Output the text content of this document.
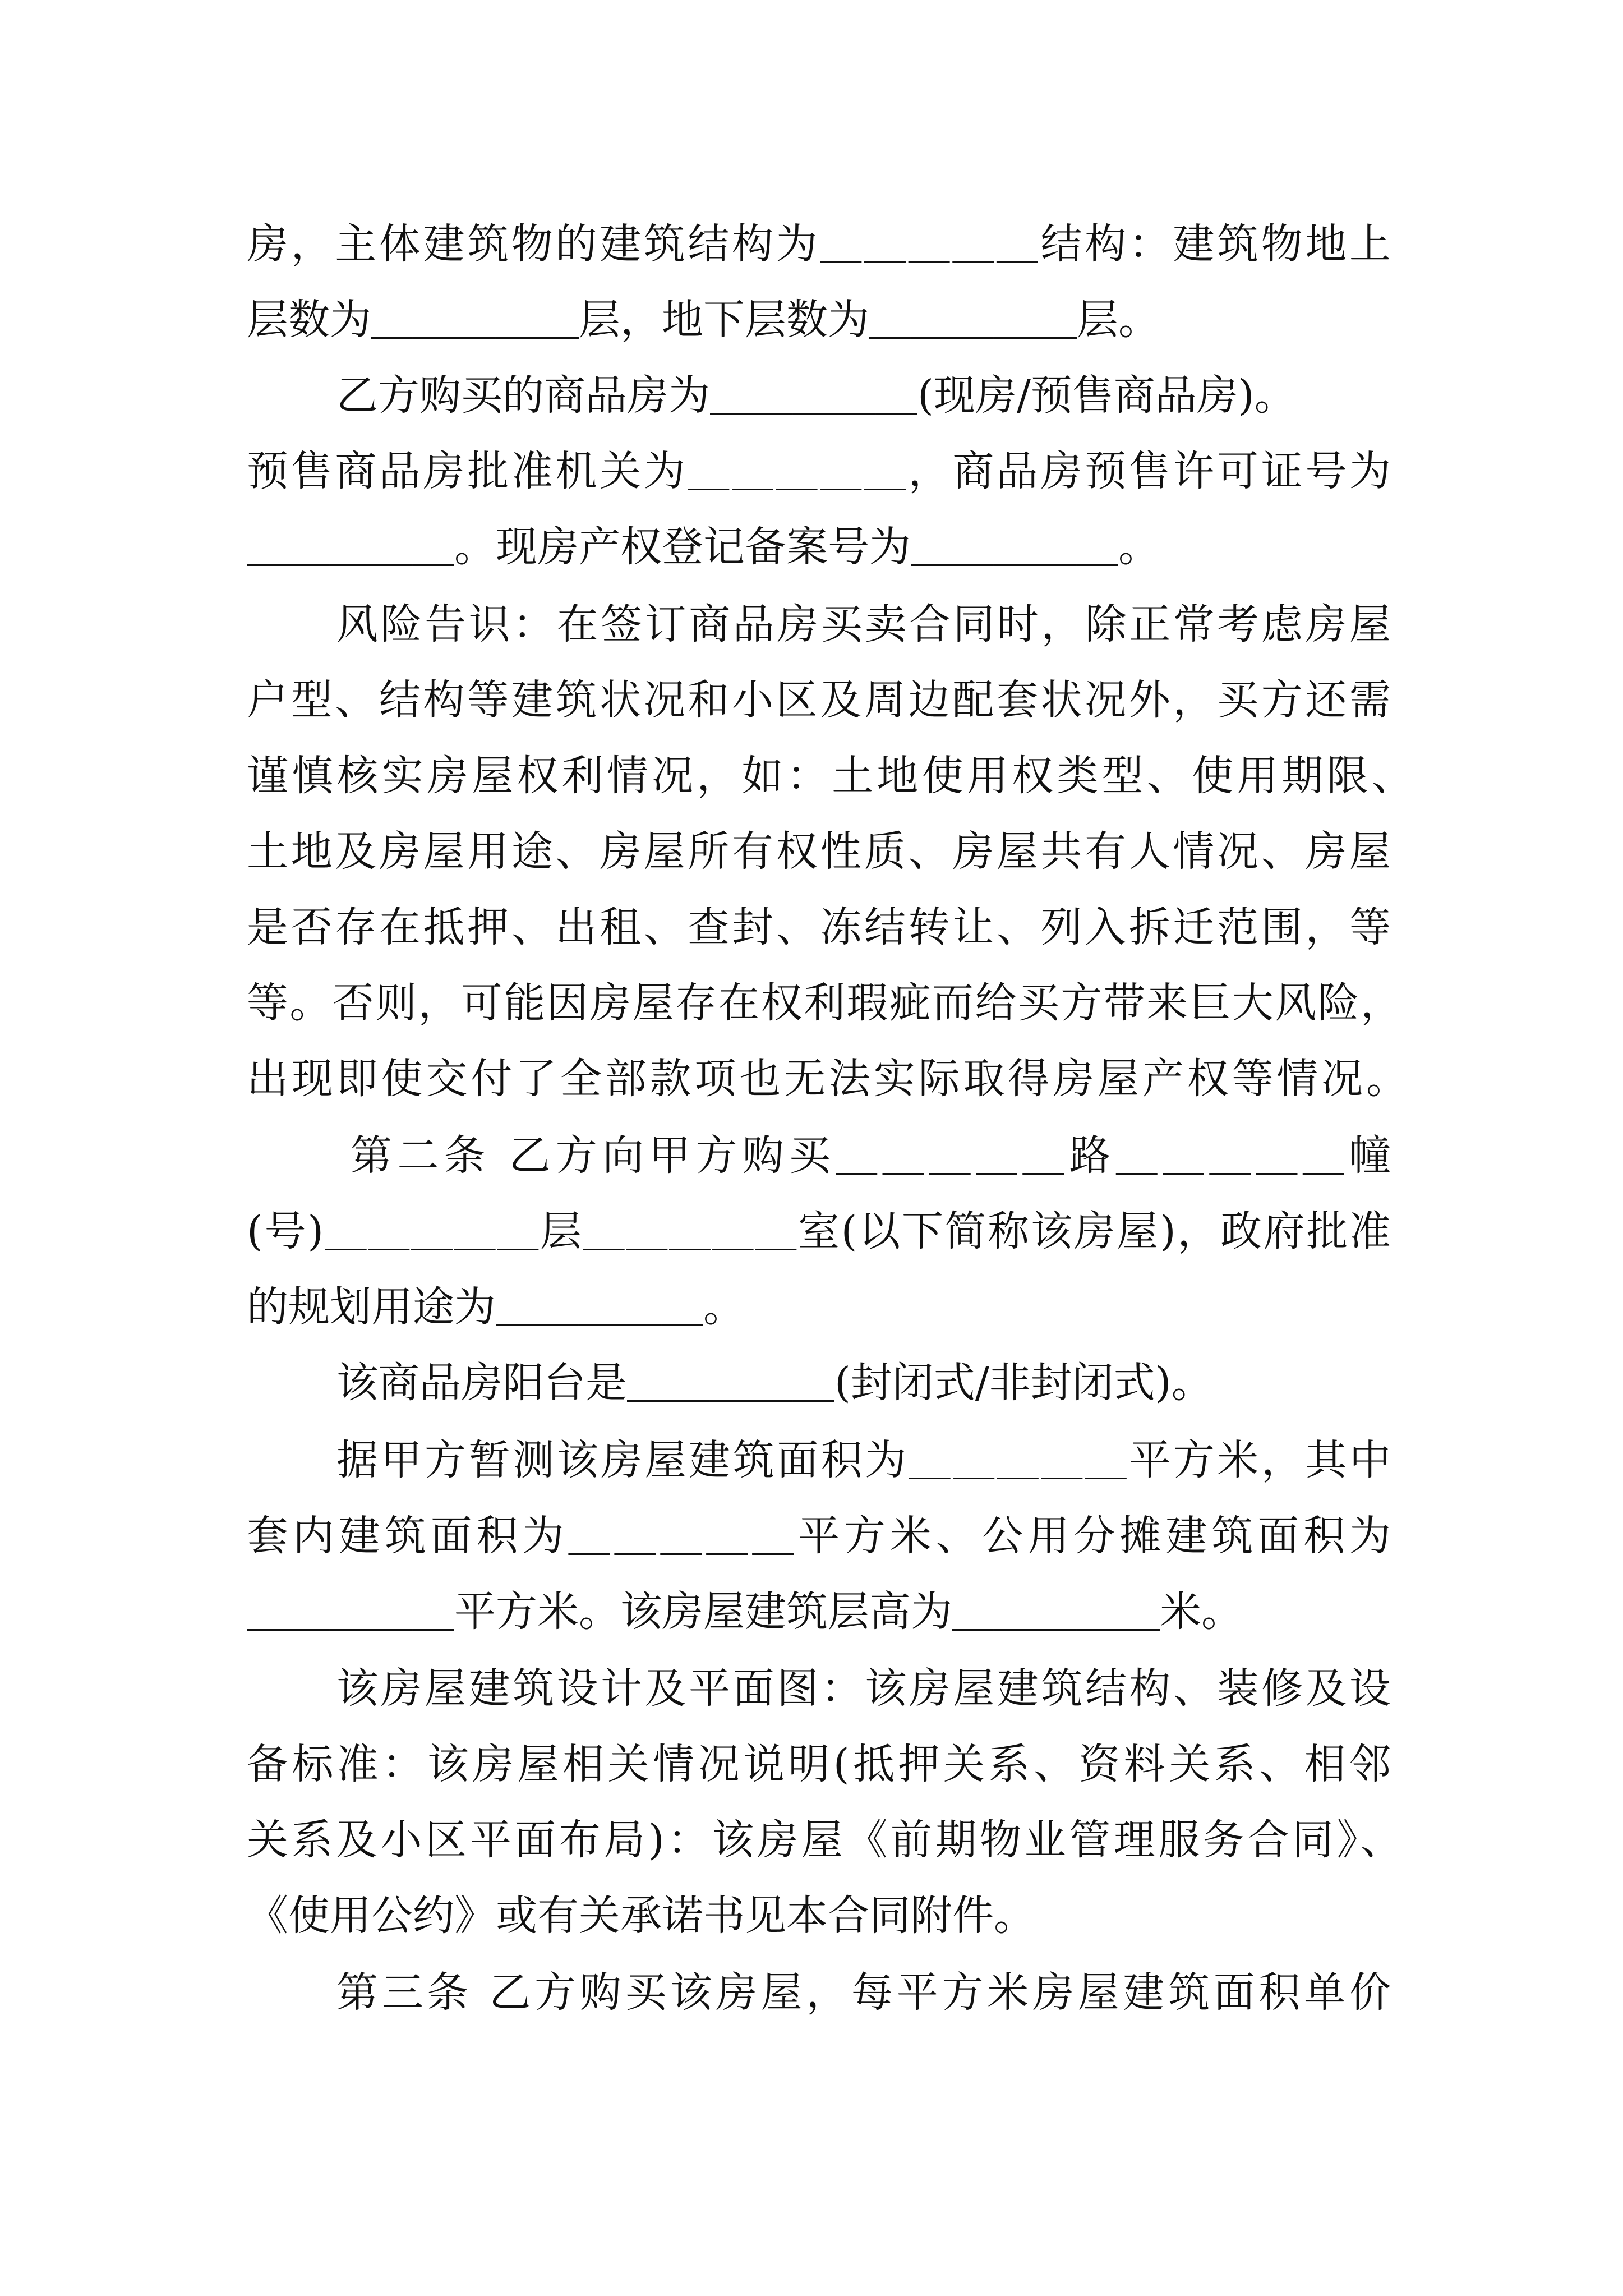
房，主体建筑物的建筑结构为＿＿＿＿＿结构：建筑物地上
层数为＿＿＿＿＿层，地下层数为＿＿＿＿＿层。
乙方购买的商品房为＿＿＿＿＿(现房/预售商品房)。
预售商品房批准机关为＿＿＿＿＿，商品房预售许可证号为
＿＿＿＿＿。现房产权登记备案号为＿＿＿＿＿。
风险告识：在签订商品房买卖合同时，除正常考虑房屋
户型、结构等建筑状况和小区及周边配套状况外，买方还需
谨慎核实房屋权利情况，如：土地使用权类型、使用期限、
土地及房屋用途、房屋所有权性质、房屋共有人情况、房屋
是否存在抵押、出租、查封、冻结转让、列入拆迁范围，等
等。否则，可能因房屋存在权利瑕疵而给买方带来巨大风险，
出现即使交付了全部款项也无法实际取得房屋产权等情况。
第二条 乙方向甲方购买＿＿＿＿＿路＿＿＿＿＿幢
(号)＿＿＿＿＿层＿＿＿＿＿室(以下简称该房屋)，政府批准
的规划用途为＿＿＿＿＿。
该商品房阳台是＿＿＿＿＿(封闭式/非封闭式)。
据甲方暂测该房屋建筑面积为＿＿＿＿＿平方米，其中
套内建筑面积为＿＿＿＿＿平方米、公用分摊建筑面积为
＿＿＿＿＿平方米。该房屋建筑层高为＿＿＿＿＿米。
该房屋建筑设计及平面图：该房屋建筑结构、装修及设
备标准：该房屋相关情况说明(抵押关系、资料关系、相邻
关系及小区平面布局)：该房屋《前期物业管理服务合同》、
《使用公约》或有关承诺书见本合同附件。
第三条 乙方购买该房屋，每平方米房屋建筑面积单价
